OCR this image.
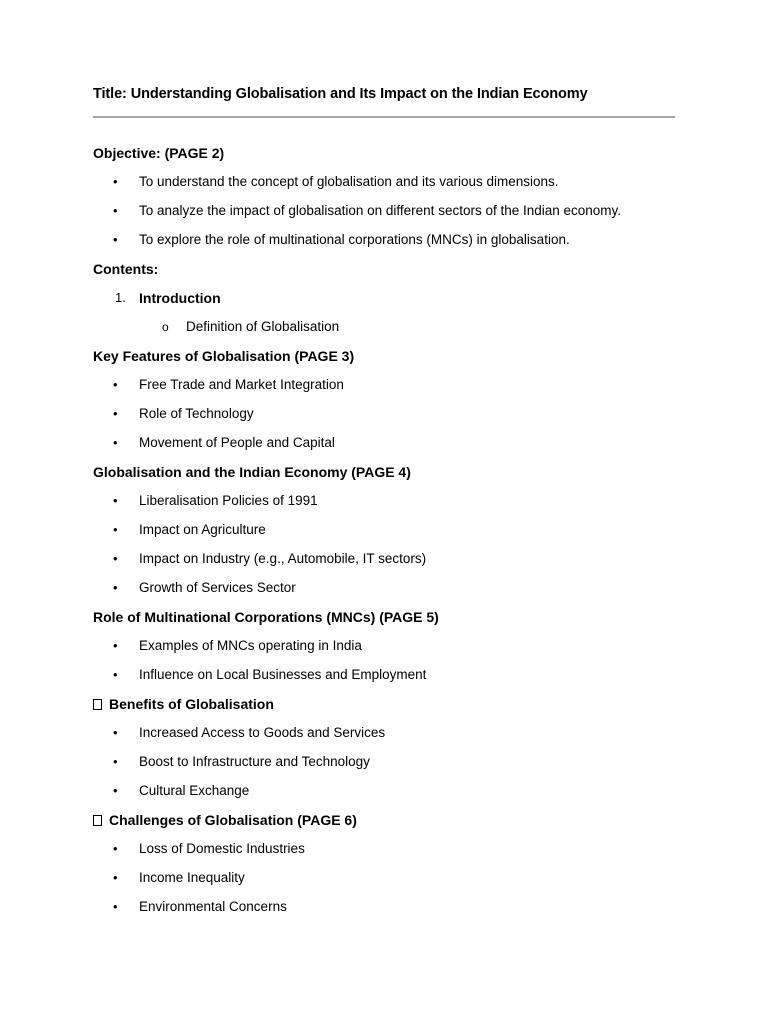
Title: Understanding Globalisation and Its Impact on the Indian Economy
Objective: (PAGE 2)
• To understand the concept of globalisation and its various dimensions.
• To analyze the impact of globalisation on different sectors of the Indian economy.
• To explore the role of multinational corporations (MNCs) in globalisation.
Contents:
1. Introduction
o Definition of Globalisation
Key Features of Globalisation (PAGE 3)
• Free Trade and Market Integration
• Role of Technology
• Movement of People and Capital
Globalisation and the Indian Economy (PAGE 4)
• Liberalisation Policies of 1991
• Impact on Agriculture
• Impact on Industry (e.g., Automobile, IT sectors)
• Growth of Services Sector
Role of Multinational Corporations (MNCs) (PAGE 5)
• Examples of MNCs operating in India
• Influence on Local Businesses and Employment
Benefits of Globalisation
• Increased Access to Goods and Services
• Boost to Infrastructure and Technology
• Cultural Exchange
Challenges of Globalisation (PAGE 6)
• Loss of Domestic Industries
• Income Inequality
• Environmental Concerns
